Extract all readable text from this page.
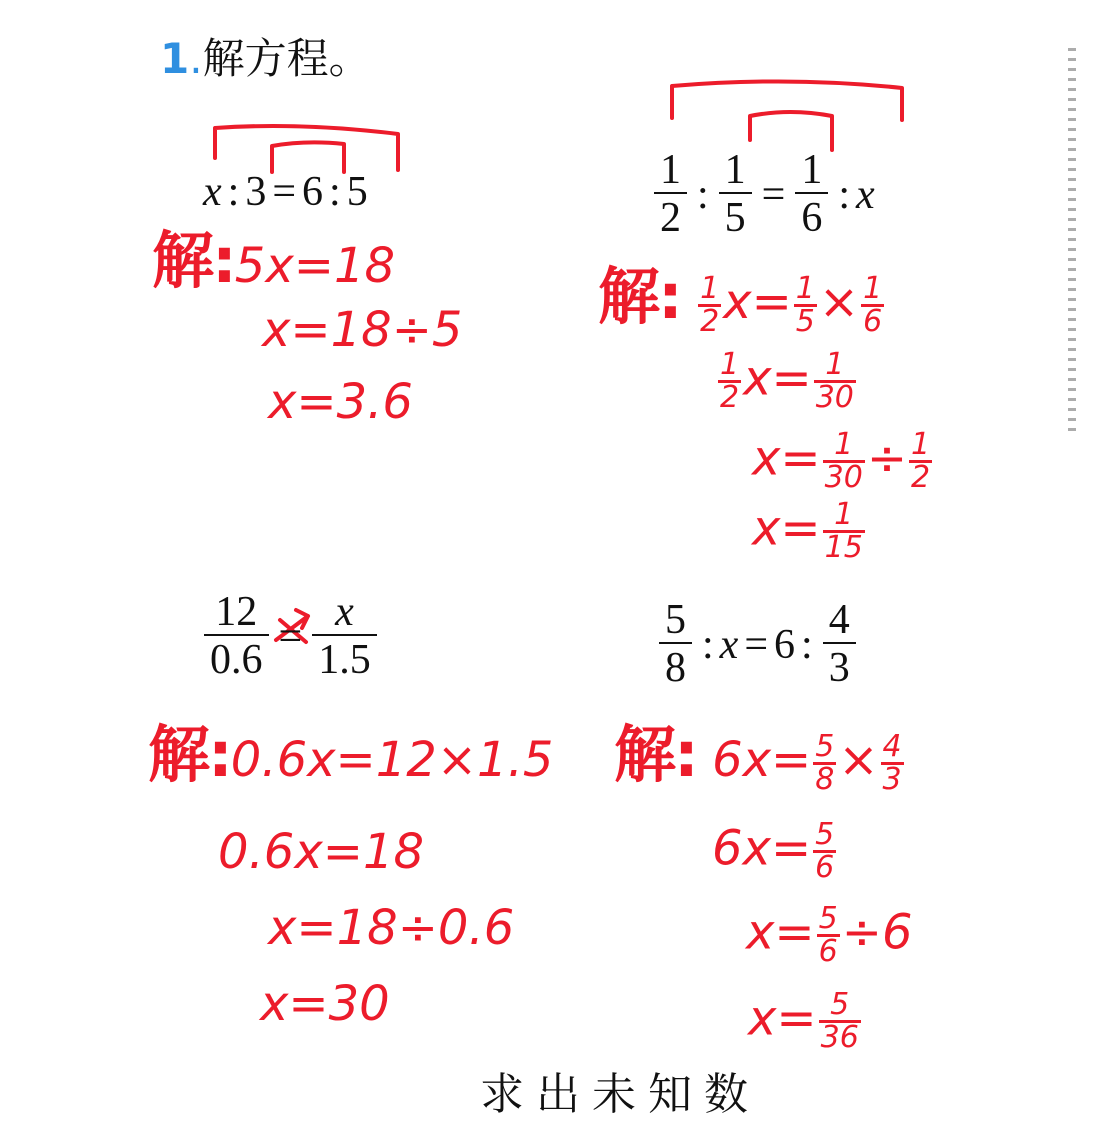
1.解方程。
x : 3 = 6 : 5
解:5x=18
x=18÷5
x=3.6
$\frac{1}{2}$ : $\frac{1}{5} = \frac{1}{6}$ : x
解: $\frac{1}{2} x= \frac{1}{5} \times \frac{1}{6}$
$\frac{1}{2} x= \frac{1}{30}$
$x= \frac{1}{30} \div \frac{1}{2}$
$x= \frac{1}{15}$
$\frac{12}{0.6} = \frac{x}{1.5}$
解:0.6x=12×1.5
0.6x=18
x=18÷0.6
x=30
$\frac{5}{8}$ : x = 6 : $\frac{4}{3}$
解: $6x= \frac{5}{8} \times \frac{4}{3}$
$6x= \frac{5}{6}$
$x= \frac{5}{6} \div 6$
$x= \frac{5}{36}$
求出未知数
